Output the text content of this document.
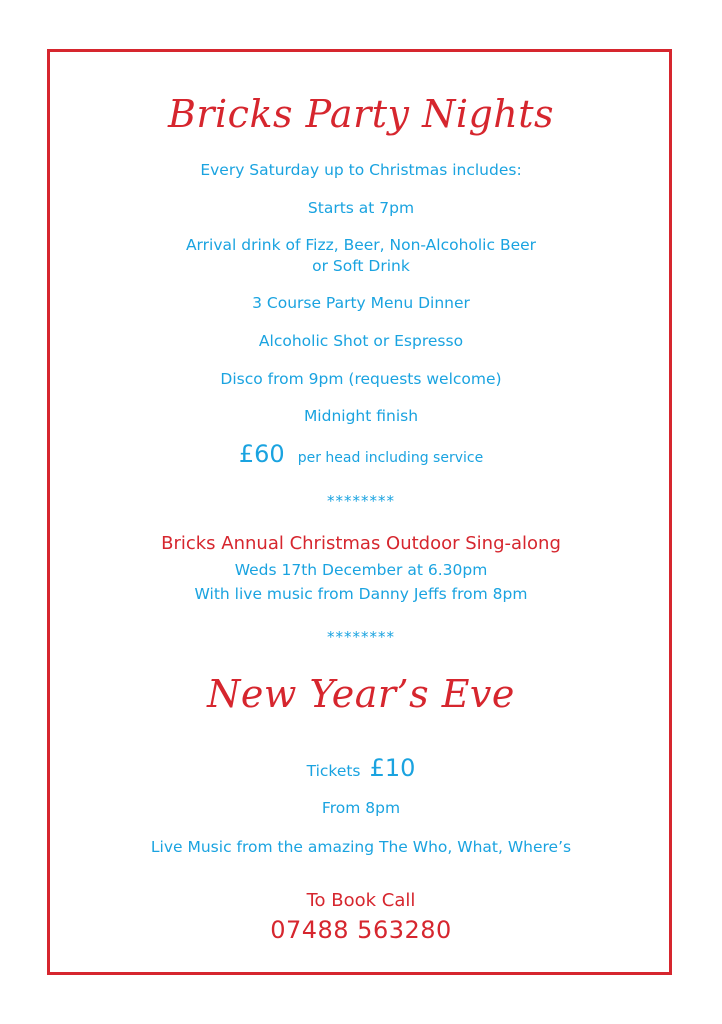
Bricks Party Nights
Every Saturday up to Christmas includes:
Starts at 7pm
Arrival drink of Fizz, Beer, Non-Alcoholic Beer
or Soft Drink
3 Course Party Menu Dinner
Alcoholic Shot or Espresso
Disco from 9pm (requests welcome)
Midnight finish
£60 per head including service
********
Bricks Annual Christmas Outdoor Sing-along
Weds 17th December at 6.30pm
With live music from Danny Jeffs from 8pm
********
New Year’s Eve
Tickets £10
From 8pm
Live Music from the amazing The Who, What, Where’s
To Book Call
07488 563280
